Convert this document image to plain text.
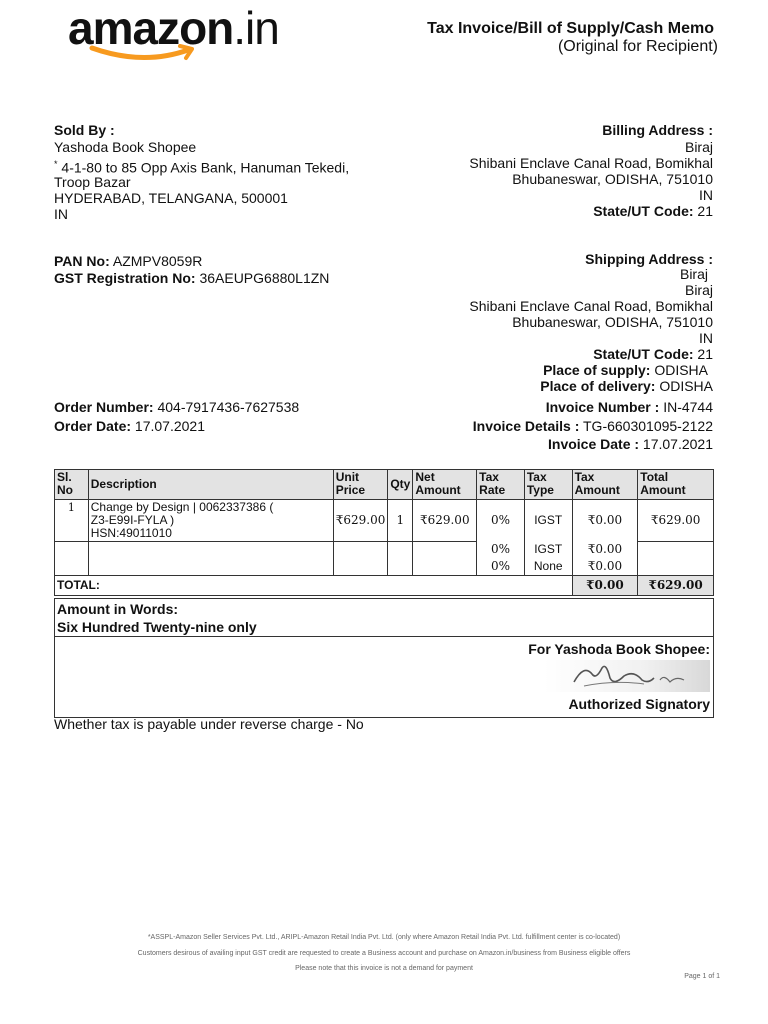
amazon.in	Tax Invoice/Bill of Supply/Cash Memo
(Original for Recipient)
Sold By :
Yashoda Book Shopee
* 4-1-80 to 85 Opp Axis Bank, Hanuman Tekedi,
Troop Bazar
HYDERABAD, TELANGANA, 500001
IN
Billing Address :
Biraj
Shibani Enclave Canal Road, Bomikhal
Bhubaneswar, ODISHA, 751010
IN
State/UT Code: 21
PAN No: AZMPV8059R
GST Registration No: 36AEUPG6880L1ZN
Shipping Address :
Biraj
Biraj
Shibani Enclave Canal Road, Bomikhal
Bhubaneswar, ODISHA, 751010
IN
State/UT Code: 21
Place of supply: ODISHA
Place of delivery: ODISHA
Order Number: 404-7917436-7627538
Order Date: 17.07.2021
Invoice Number : IN-4744
Invoice Details : TG-660301095-2122
Invoice Date : 17.07.2021
Sl. No	Description	Unit Price	Qty	Net Amount	Tax Rate	Tax Type	Tax Amount	Total Amount
1	Change by Design | 0062337386 (
Z3-E99I-FYLA )
HSN:49011010	₹629.00	1	₹629.00	0%	IGST	₹0.00	₹629.00
					0%	IGST	₹0.00	
					0%	None	₹0.00	
TOTAL:							₹0.00	₹629.00
Amount in Words:
Six Hundred Twenty-nine only
For Yashoda Book Shopee:
Authorized Signatory
Whether tax is payable under reverse charge - No
*ASSPL-Amazon Seller Services Pvt. Ltd., ARIPL-Amazon Retail India Pvt. Ltd. (only where Amazon Retail India Pvt. Ltd. fulfillment center is co-located)
Customers desirous of availing input GST credit are requested to create a Business account and purchase on Amazon.in/business from Business eligible offers
Please note that this invoice is not a demand for payment
Page 1 of 1
